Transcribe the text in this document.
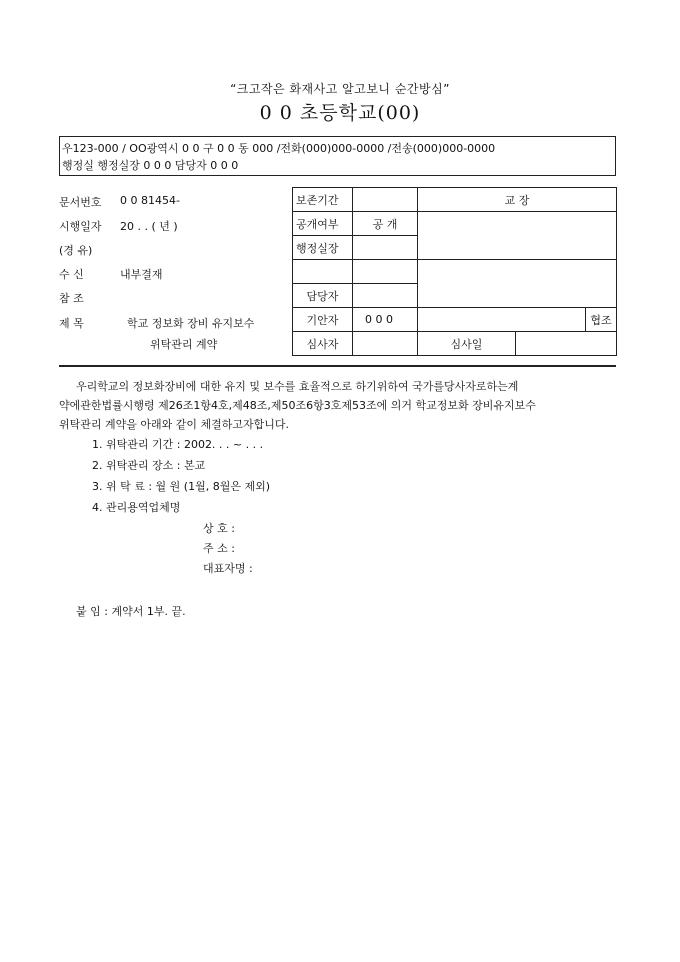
“크고작은 화재사고 알고보니 순간방심”
0 0 초등학교(00)
우123-000 / OO광역시 0 0 구 0 0 동 000 /전화(000)000-0000 /전송(000)000-0000
행정실 행정실장 0 0 0 담당자 0 0 0
문서번호 0 0 81454-
시행일자 20 . . ( 년 )
(경 유)
수 신	내부결재
참 조
제 목	학교 정보화 장비 유지보수
위탁관리 계약
보존기간		교 장		
공개여부	공 개			
행정실장				

담당자				
기안자	0 0 0			협조
심사자		심사일		
우리학교의 정보화장비에 대한 유지 및 보수를 효율적으로 하기위하여 국가를당사자로하는계
약에관한법률시행령 제26조1항4호,제48조,제50조6항3호제53조에 의거 학교정보화 장비유지보수
위탁관리 계약을 아래와 같이 체결하고자합니다.
1. 위탁관리 기간 : 2002. . . ~ . . .
2. 위탁관리 장소 : 본교
3. 위 탁 료 : 월 원 (1월, 8월은 제외)
4. 관리용역업체명
상 호 :
주 소 :
대표자명 :
붙 임 : 계약서 1부. 끝.
